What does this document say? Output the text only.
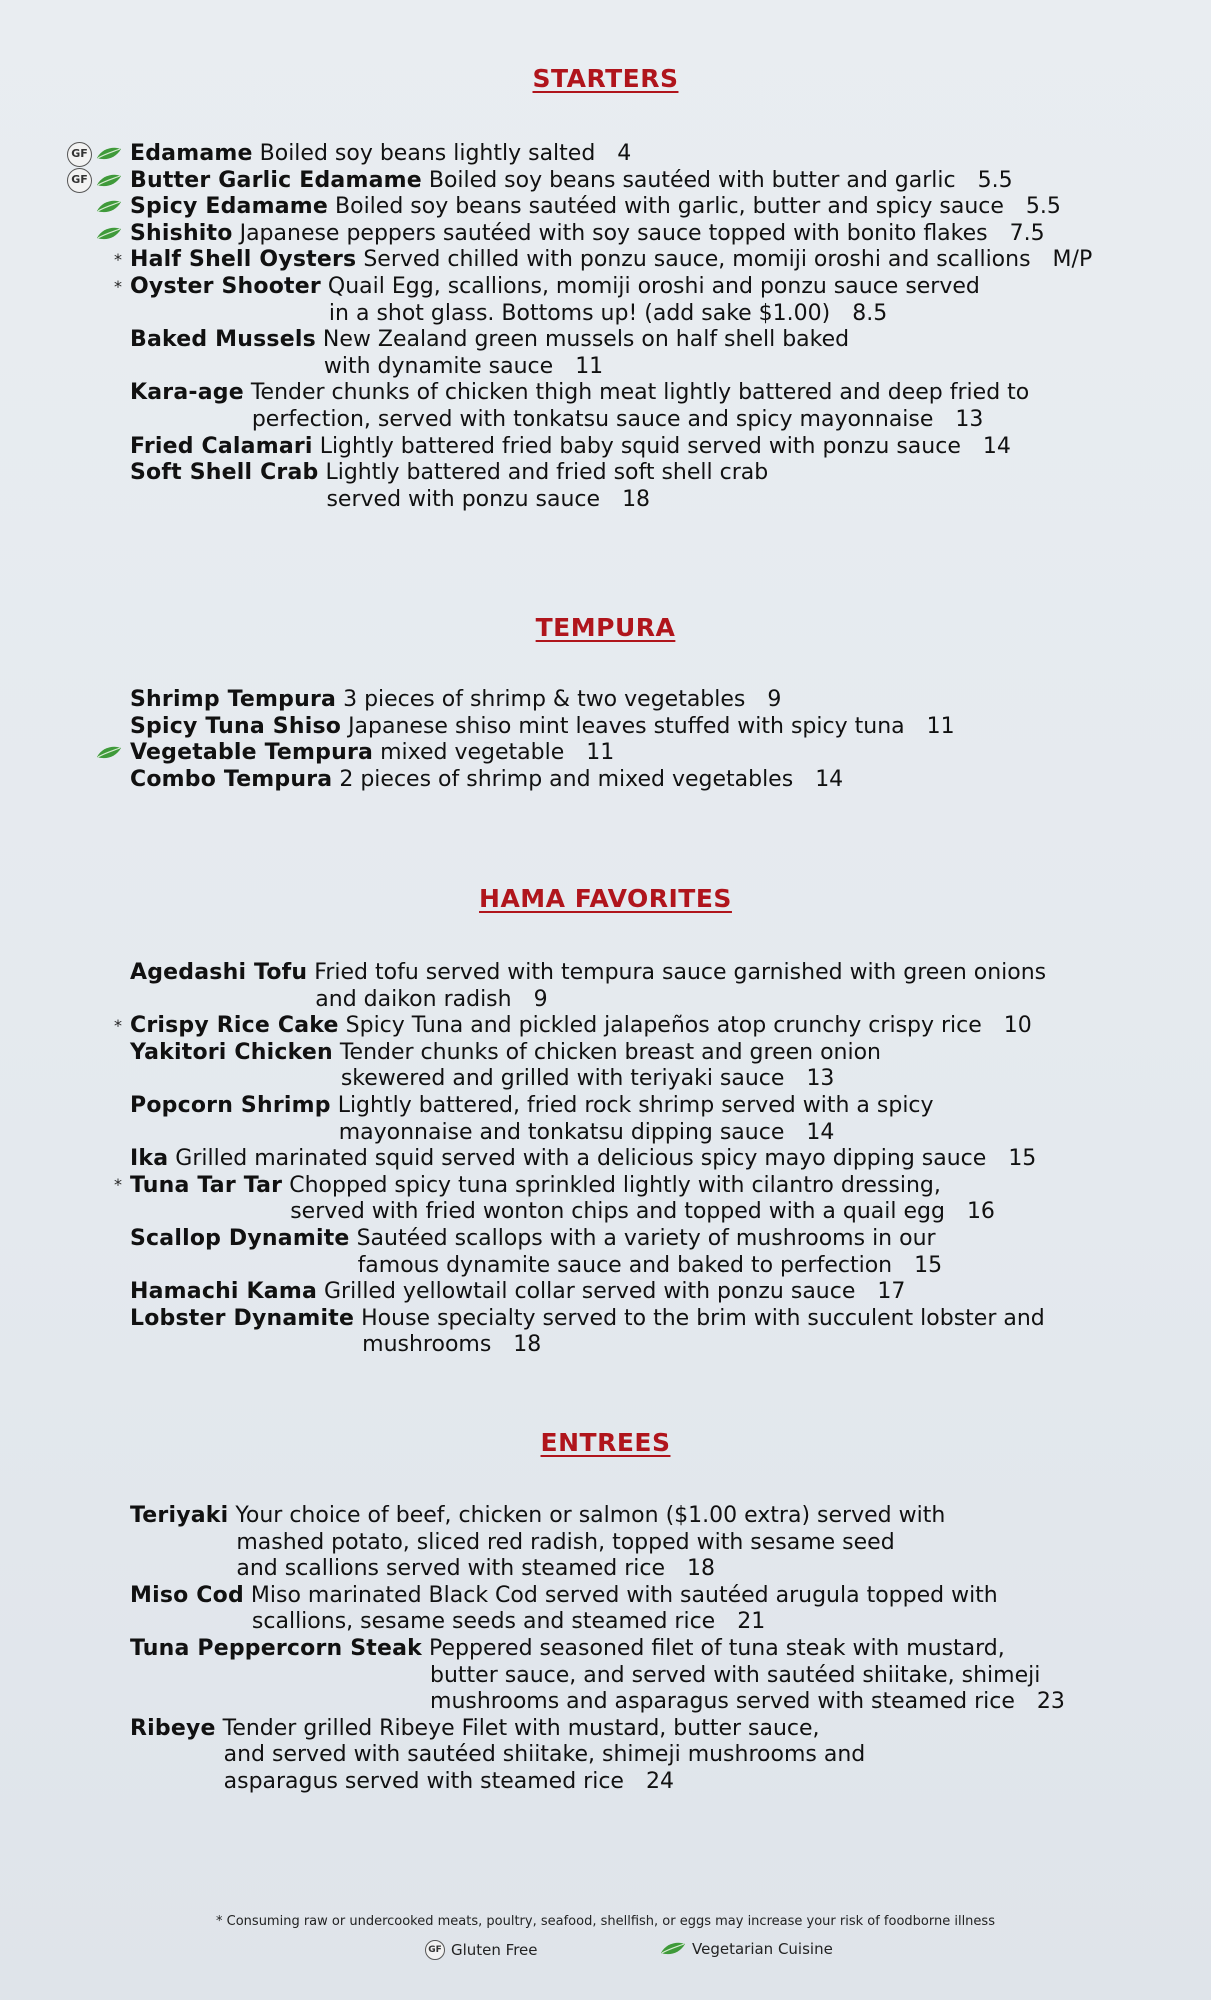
STARTERS
GF Edamame Boiled soy beans lightly salted 4
GF Butter Garlic Edamame Boiled soy beans sautéed with butter and garlic 5.5
Spicy Edamame Boiled soy beans sautéed with garlic, butter and spicy sauce 5.5
Shishito Japanese peppers sautéed with soy sauce topped with bonito flakes 7.5
* Half Shell Oysters Served chilled with ponzu sauce, momiji oroshi and scallions M/P
* Oyster Shooter Quail Egg, scallions, momiji oroshi and ponzu sauce served
in a shot glass. Bottoms up! (add sake $1.00) 8.5
Baked Mussels New Zealand green mussels on half shell baked
with dynamite sauce 11
Kara-age Tender chunks of chicken thigh meat lightly battered and deep fried to
perfection, served with tonkatsu sauce and spicy mayonnaise 13
Fried Calamari Lightly battered fried baby squid served with ponzu sauce 14
Soft Shell Crab Lightly battered and fried soft shell crab
served with ponzu sauce 18
TEMPURA
Shrimp Tempura 3 pieces of shrimp & two vegetables 9
Spicy Tuna Shiso Japanese shiso mint leaves stuffed with spicy tuna 11
Vegetable Tempura mixed vegetable 11
Combo Tempura 2 pieces of shrimp and mixed vegetables 14
HAMA FAVORITES
Agedashi Tofu Fried tofu served with tempura sauce garnished with green onions
and daikon radish 9
* Crispy Rice Cake Spicy Tuna and pickled jalapeños atop crunchy crispy rice 10
Yakitori Chicken Tender chunks of chicken breast and green onion
skewered and grilled with teriyaki sauce 13
Popcorn Shrimp Lightly battered, fried rock shrimp served with a spicy
mayonnaise and tonkatsu dipping sauce 14
Ika Grilled marinated squid served with a delicious spicy mayo dipping sauce 15
* Tuna Tar Tar Chopped spicy tuna sprinkled lightly with cilantro dressing,
served with fried wonton chips and topped with a quail egg 16
Scallop Dynamite Sautéed scallops with a variety of mushrooms in our
famous dynamite sauce and baked to perfection 15
Hamachi Kama Grilled yellowtail collar served with ponzu sauce 17
Lobster Dynamite House specialty served to the brim with succulent lobster and
mushrooms 18
ENTREES
Teriyaki Your choice of beef, chicken or salmon ($1.00 extra) served with
mashed potato, sliced red radish, topped with sesame seed
and scallions served with steamed rice 18
Miso Cod Miso marinated Black Cod served with sautéed arugula topped with
scallions, sesame seeds and steamed rice 21
Tuna Peppercorn Steak Peppered seasoned filet of tuna steak with mustard,
butter sauce, and served with sautéed shiitake, shimeji
mushrooms and asparagus served with steamed rice 23
Ribeye Tender grilled Ribeye Filet with mustard, butter sauce,
and served with sautéed shiitake, shimeji mushrooms and
asparagus served with steamed rice 24
* Consuming raw or undercooked meats, poultry, seafood, shellfish, or eggs may increase your risk of foodborne illness
GF Gluten Free	Vegetarian Cuisine
